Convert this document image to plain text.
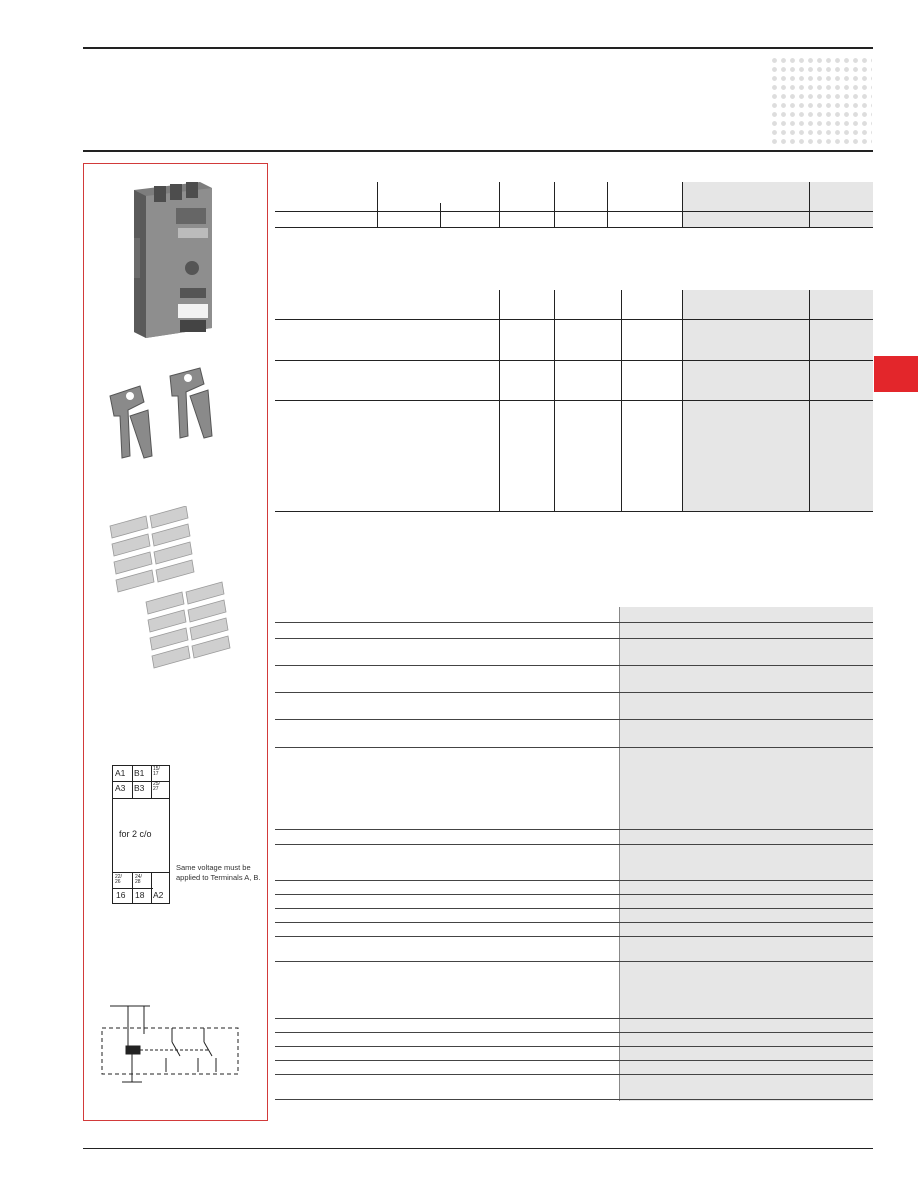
A1 B1 15/
17
A3 B3 25/
27
for 2 c/o
22/
26
24/
28
16 18 A2
Same voltage must be applied to Terminals A, B.
